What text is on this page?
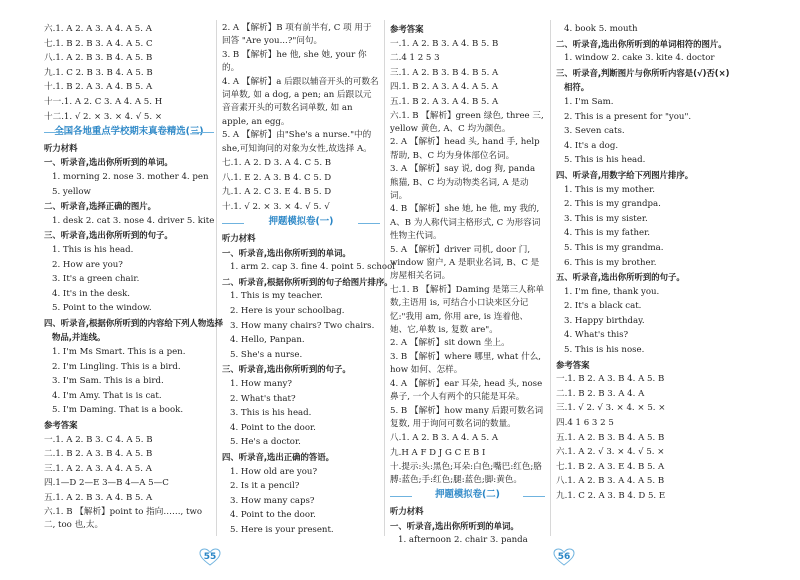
六.1. A 2. A 3. A 4. A 5. A
七.1. B 2. B 3. A 4. A 5. C
八.1. A 2. B 3. B 4. A 5. B
九.1. C 2. B 3. B 4. A 5. B
十.1. B 2. A 3. A 4. B 5. A
十一.1. A 2. C 3. A 4. A 5. H
十二.1. √ 2. × 3. × 4. √ 5. ×
全国各地重点学校期末真卷精选(三)
听力材料
一、听录音,选出你所听到的单词。
1. morning 2. nose 3. mother 4. pen
5. yellow
二、听录音,选择正确的图片。
1. desk 2. cat 3. nose 4. driver 5. kite
三、听录音,选出你所听到的句子。
1. This is his head.
2. How are you?
3. It's a green chair.
4. It's in the desk.
5. Point to the window.
四、听录音,根据你所听到的内容给下列人物选择
物品,并连线。
1. I'm Ms Smart. This is a pen.
2. I'm Lingling. This is a bird.
3. I'm Sam. This is a bird.
4. I'm Amy. That is is cat.
5. I'm Daming. That is a book.
参考答案
一.1. A 2. B 3. C 4. A 5. B
二.1. B 2. A 3. B 4. A 5. B
三.1. A 2. A 3. A 4. A 5. A
四.1—D 2—E 3—B 4—A 5—C
五.1. A 2. B 3. A 4. B 5. A
六.1. B 【解析】point to 指向……, two 二, too 也,太。
2. A 【解析】B 项有前半有, C 项 用于回答 "Are you...?"问句。
3. B 【解析】he 他, she 她, your 你的。
4. A 【解析】a 后跟以辅音开头的可数名词单数, 如 a dog, a pen; an 后跟以元音音素开头的可数名词单数, 如 an apple, an egg。
5. A 【解析】由"She's a nurse."中的 she,可知询问的对象为女性,故选择 A。
七.1. A 2. D 3. A 4. C 5. B
八.1. E 2. A 3. B 4. C 5. D
九.1. A 2. C 3. E 4. B 5. D
十.1. √ 2. × 3. × 4. √ 5. √
押题模拟卷(一)
听力材料
一、听录音,选出你所听到的单词。
1. arm 2. cap 3. fine 4. point 5. school
二、听录音,根据你所听到的句子给图片排序。
1. This is my teacher.
2. Here is your schoolbag.
3. How many chairs? Two chairs.
4. Hello, Panpan.
5. She's a nurse.
三、听录音,选出你所听到的句子。
1. How many?
2. What's that?
3. This is his head.
4. Point to the door.
5. He's a doctor.
四、听录音,选出正确的答语。
1. How old are you?
2. Is it a pencil?
3. How many caps?
4. Point to the door.
5. Here is your present.
参考答案
一.1. A 2. B 3. A 4. B 5. B
二.4 1 2 5 3
三.1. A 2. B 3. B 4. B 5. A
四.1. B 2. A 3. A 4. A 5. A
五.1. B 2. A 3. A 4. B 5. A
六.1. B 【解析】green 绿色, three 三, yellow 黄色, A、C 均为颜色。
2. A 【解析】head 头, hand 手, help 帮助, B、C 均为身体部位名词。
3. A 【解析】say 说, dog 狗, panda 熊猫, B、C 均为动物类名词, A 是动词。
4. B 【解析】she 她, he 他, my 我的, A、B 为人称代词主格形式, C 为形容词性物主代词。
5. A 【解析】driver 司机, door 门, window 窗户, A 是职业名词, B、C 是房屋相关名词。
七.1. B 【解析】Daming 是第三人称单数,主语用 is, 可结合小口诀来区分记忆:"我用 am, 你用 are, is 连着他、她、它,单数 is, 复数 are"。
2. A 【解析】sit down 坐上。
3. B 【解析】where 哪里, what 什么, how 如何、怎样。
4. A 【解析】ear 耳朵, head 头, nose 鼻子, 一个人有两个的只能是耳朵。
5. B 【解析】how many 后跟可数名词复数, 用于询问可数名词的数量。
八.1. A 2. B 3. A 4. A 5. A
九.H A F D J G C E B I
十.提示:头:黑色;耳朵:白色;嘴巴:红色;胳膊:蓝色;手:红色;腿:蓝色;脚:黄色。
押题模拟卷(二)
听力材料
一、听录音,选出你所听到的单词。
1. afternoon 2. chair 3. panda
4. book 5. mouth
二、听录音,选出你所听到的单词相符的图片。
1. window 2. cake 3. kite 4. doctor
三、听录音,判断图片与你所听内容是(√)否(×)
相符。
1. I'm Sam.
2. This is a present for "you".
3. Seven cats.
4. It's a dog.
5. This is his head.
四、听录音,用数字给下列图片排序。
1. This is my mother.
2. This is my grandpa.
3. This is my sister.
4. This is my father.
5. This is my grandma.
6. This is my brother.
五、听录音,选出你所听到的句子。
1. I'm fine, thank you.
2. It's a black cat.
3. Happy birthday.
4. What's this?
5. This is his nose.
参考答案
一.1. B 2. A 3. B 4. A 5. B
二.1. B 2. B 3. A 4. A
三.1. √ 2. √ 3. × 4. × 5. ×
四.4 1 6 3 2 5
五.1. A 2. B 3. B 4. A 5. B
六.1. A 2. √ 3. × 4. √ 5. ×
七.1. B 2. A 3. E 4. B 5. A
八.1. A 2. B 3. A 4. A 5. B
九.1. C 2. A 3. B 4. D 5. E
55	56
